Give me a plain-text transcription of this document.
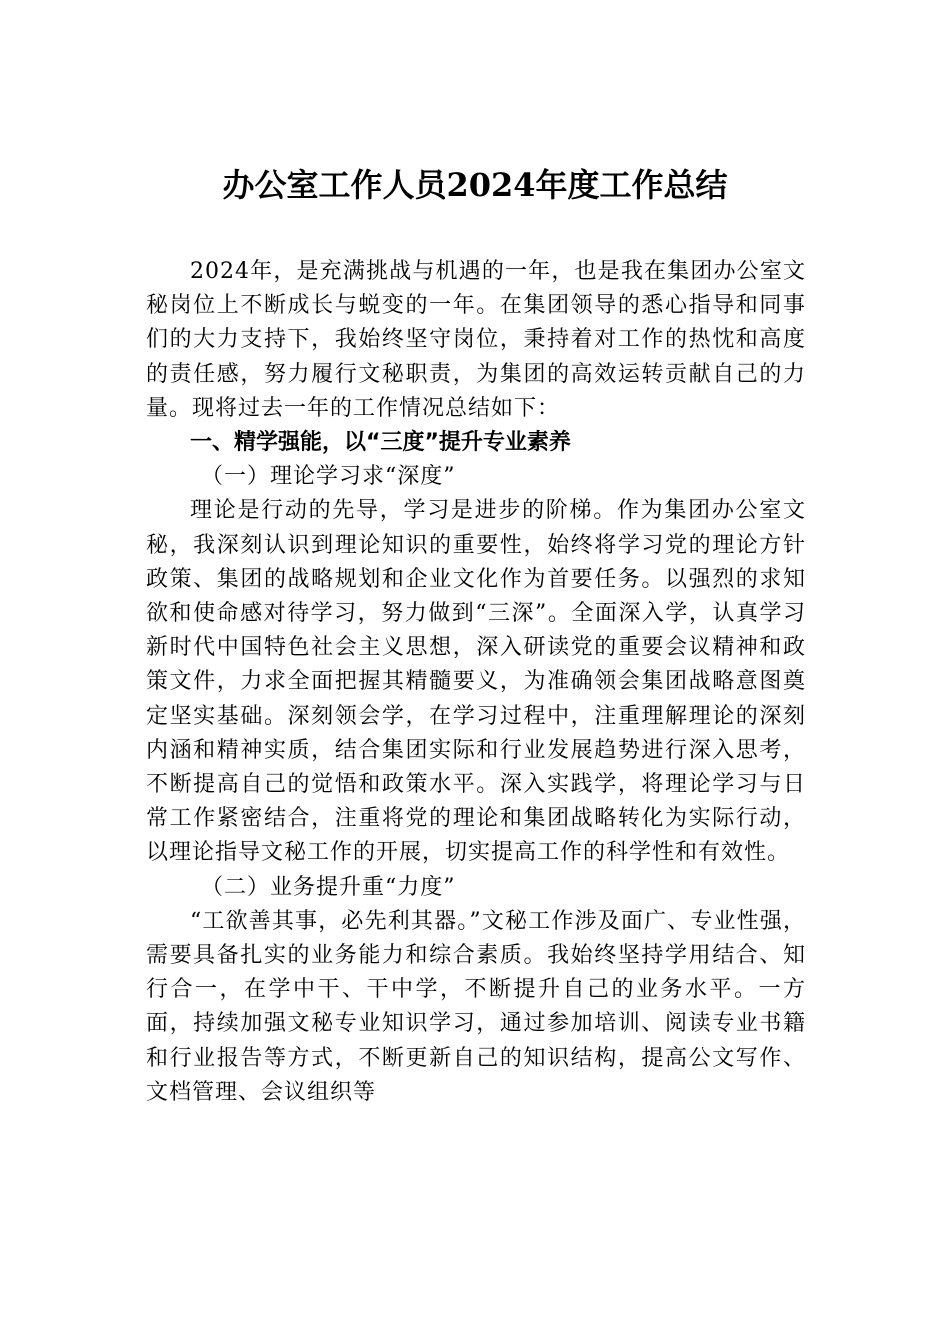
办公室工作人员2024年度工作总结

2024年，是充满挑战与机遇的一年，也是我在集团办公室文秘岗位上不断成长与蜕变的一年。在集团领导的悉心指导和同事们的大力支持下，我始终坚守岗位，秉持着对工作的热忱和高度的责任感，努力履行文秘职责，为集团的高效运转贡献自己的力量。现将过去一年的工作情况总结如下：

一、精学强能，以“三度”提升专业素养

（一）理论学习求“深度”

理论是行动的先导，学习是进步的阶梯。作为集团办公室文秘，我深刻认识到理论知识的重要性，始终将学习党的理论方针政策、集团的战略规划和企业文化作为首要任务。以强烈的求知欲和使命感对待学习，努力做到“三深”。全面深入学，认真学习新时代中国特色社会主义思想，深入研读党的重要会议精神和政策文件，力求全面把握其精髓要义，为准确领会集团战略意图奠定坚实基础。深刻领会学，在学习过程中，注重理解理论的深刻内涵和精神实质，结合集团实际和行业发展趋势进行深入思考，不断提高自己的觉悟和政策水平。深入实践学，将理论学习与日常工作紧密结合，注重将党的理论和集团战略转化为实际行动，以理论指导文秘工作的开展，切实提高工作的科学性和有效性。

（二）业务提升重“力度”

“工欲善其事，必先利其器。”文秘工作涉及面广、专业性强，需要具备扎实的业务能力和综合素质。我始终坚持学用结合、知行合一，在学中干、干中学，不断提升自己的业务水平。一方面，持续加强文秘专业知识学习，通过参加培训、阅读专业书籍和行业报告等方式，不断更新自己的知识结构，提高公文写作、文档管理、会议组织等
